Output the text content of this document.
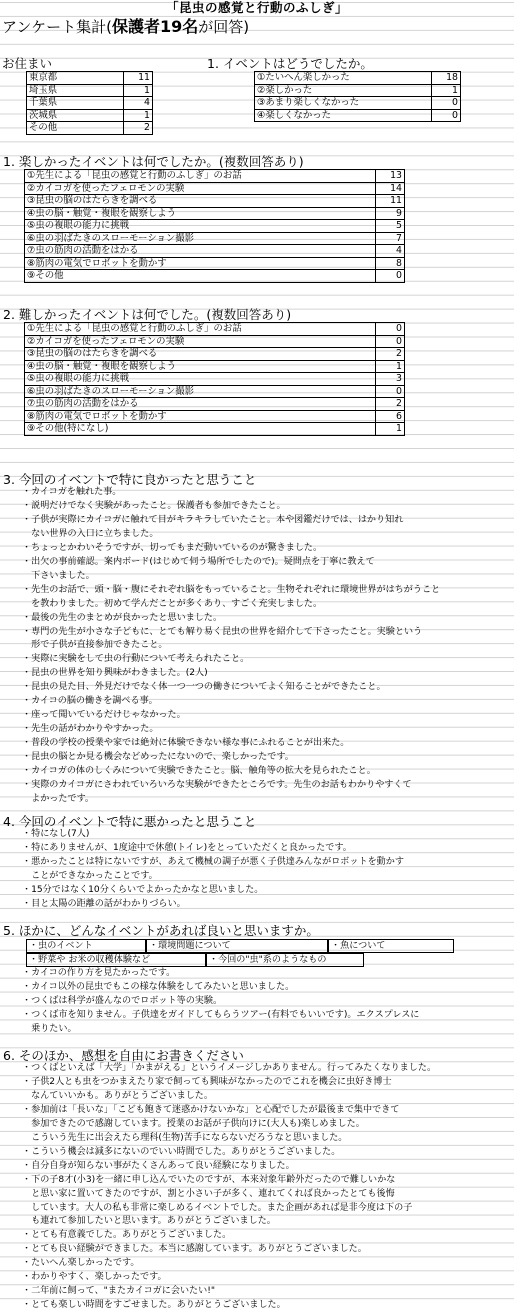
「昆虫の感覚と行動のふしぎ」
アンケート集計(保護者19名が回答)
お住まい
東京都	11
埼玉県	1
千葉県	4
茨城県	1
その他	2
1. イベントはどうでしたか。
①たいへん楽しかった	18
②楽しかった	1
③あまり楽しくなかった	0
④楽しくなかった	0
1. 楽しかったイベントは何でしたか。(複数回答あり)
①先生による「昆虫の感覚と行動のふしぎ」のお話	13
②カイコガを使ったフェロモンの実験	14
③昆虫の脳のはたらきを調べる	11
④虫の脳・触覚・複眼を観察しよう	9
⑤虫の複眼の能力に挑戦	5
⑥虫の羽ばたきのスローモーション撮影	7
⑦虫の筋肉の活動をはかる	4
⑧筋肉の電気でロボットを動かす	8
⑨その他	0
2. 難しかったイベントは何でした。(複数回答あり)
①先生による「昆虫の感覚と行動のふしぎ」のお話	0
②カイコガを使ったフェロモンの実験	0
③昆虫の脳のはたらきを調べる	2
④虫の脳・触覚・複眼を観察しよう	1
⑤虫の複眼の能力に挑戦	3
⑥虫の羽ばたきのスローモーション撮影	0
⑦虫の筋肉の活動をはかる	2
⑧筋肉の電気でロボットを動かす	6
⑨その他(特になし)	1
3. 今回のイベントで特に良かったと思うこと
・カイコガを触れた事。
・説明だけでなく実験があったこと。保護者も参加できたこと。
・子供が実際にカイコガに触れて目がキラキラしていたこと。本や図鑑だけでは、はかり知れ
　ない世界の入口に立ちました。
・ちょっとかわいそうですが、切ってもまだ動いているのが驚きました。
・出欠の事前確認。案内ボード(はじめて伺う場所でしたので)。疑問点を丁寧に教えて
　下さいました。
・先生のお話で、頭・脳・腹にそれぞれ脳をもっていること。生物それぞれに環境世界がはちがうこと
　を教わりました。初めて学んだことが多くあり、すごく充実しました。
・最後の先生のまとめが良かったと思いました。
・専門の先生が小さな子どもに、とても解り易く昆虫の世界を紹介して下さったこと。実験という
　形で子供が直接参加できたこと。
・実際に実験をして虫の行動について考えられたこと。
・昆虫の世界を知り興味がわきました。(2人)
・昆虫の見た目、外見だけでなく体一つ一つの働きについてよく知ることができたこと。
・カイコの脳の働きを調べる事。
・座って聞いているだけじゃなかった。
・先生の話がわかりやすかった。
・普段の学校の授業や家では絶対に体験できない様な事にふれることが出来た。
・昆虫の脳とか見る機会などめったにないので、楽しかったです。
・カイコガの体のしくみについて実験できたこと。脳、触角等の拡大を見られたこと。
・実際のカイコガにさわれていろいろな実験ができたところです。先生のお話もわかりやすくて
　よかったです。
4. 今回のイベントで特に悪かったと思うこと
・特になし(7人)
・特にありませんが、1度途中で休憩(トイレ)をとっていただくと良かったです。
・悪かったことは特にないですが、あえて機械の調子が悪く子供達みんながロボットを動かす
　ことができなかったことです。
・15分ではなく10分くらいでよかったかなと思いました。
・目と太陽の距離の話がわかりづらい。
5. ほかに、どんなイベントがあれば良いと思いますか。
・虫のイベント	・環境問題について	・魚について
・野菜や お米の収穫体験など	・今回の"虫"系のようなもの
・カイコの作り方を見たかったです。
・カイコ以外の昆虫でもこの様な体験をしてみたいと思いました。
・つくばは科学が盛んなのでロボット等の実験。
・つくば市を知りません。子供達をガイドしてもらうツアー(有料でもいいです)。エクスプレスに
　乗りたい。
6. そのほか、感想を自由にお書きください
・つくばといえば「大学」「かまがえる」というイメージしかありません。行ってみたくなりました。
・子供2人とも虫をつかまえたり家で飼っても興味がなかったのでこれを機会に虫好き博士
　なんていいかも。ありがとうございました。
・参加前は「長いな」「こども飽きて迷惑かけないかな」と心配でしたが最後まで集中できて
　参加できたので感謝しています。授業のお話が子供向けに(大人も)楽しめました。
　こういう先生に出会えたら理科(生物)苦手にならないだろうなと思いました。
・こういう機会は減多にないのでいい時間でした。ありがとうございました。
・自分自身が知らない事がたくさんあって良い経験になりました。
・下の子8才(小3)を一緒に申し込んでいたのですが、本来対象年齢外だったので難しいかな
　と思い家に置いてきたのですが、割と小さい子が多く、連れてくれば良かったとても後悔
　しています。大人の私も非常に楽しめるイベントでした。また企画があれば是非今度は下の子
　も連れて参加したいと思います。ありがとうございました。
・とても有意義でした。ありがとうございました。
・とても良い経験ができました。本当に感謝しています。ありがとうございました。
・たいへん楽しかったです。
・わかりやすく、楽しかったです。
・二年前に飼って、"またカイコガに会いたい!"
・とても楽しい時間をすごせました。ありがとうございました。
